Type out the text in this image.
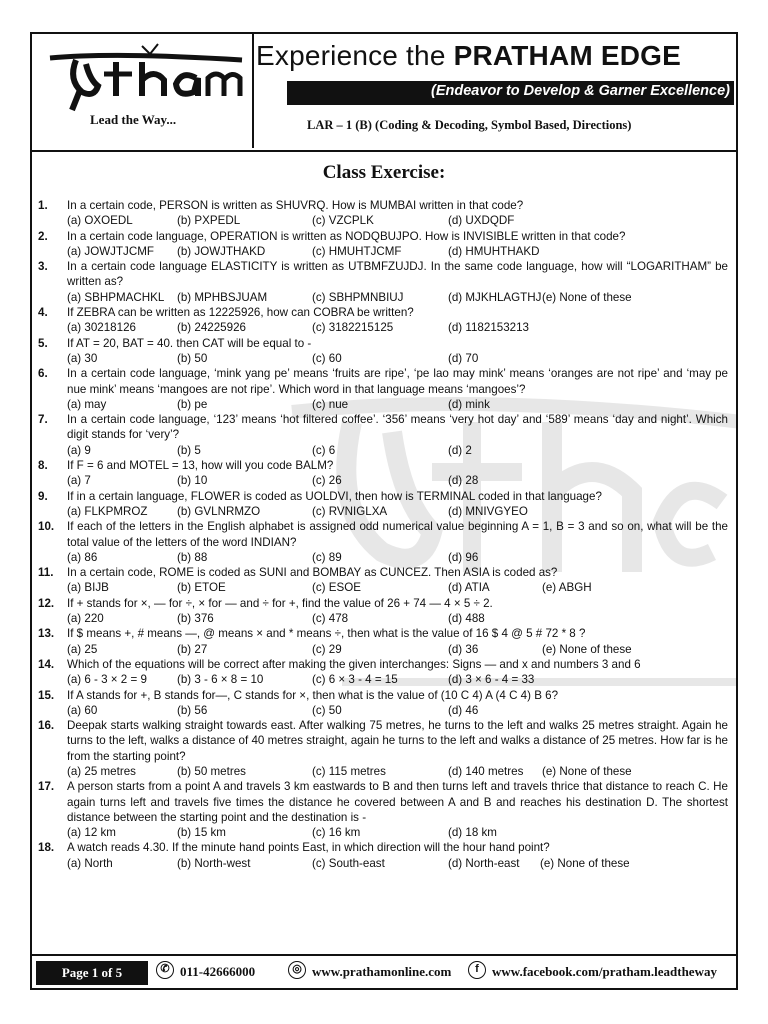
Lead the Way...
Experience the PRATHAM EDGE
(Endeavor to Develop & Garner Excellence)
LAR – 1 (B) (Coding & Decoding, Symbol Based, Directions)
Class Exercise:
1.	In a certain code, PERSON is written as SHUVRQ. How is MUMBAI written in that code?
(a) OXOEDL	(b) PXPEDL	(c) VZCPLK	(d) UXDQDF
2.	In a certain code language, OPERATION is written as NODQBUJPO. How is INVISIBLE written in that code?
(a) JOWJTJCMF	(b) JOWJTHAKD	(c) HMUHTJCMF	(d) HMUHTHAKD
3.	In a certain code language ELASTICITY is written as UTBMFZUJDJ. In the same code language, how will “LOGARITHAM” be written as?
(a) SBHPMACHKL	(b) MPHBSJUAM	(c) SBHPMNBIUJ	(d) MJKHLAGTHJ (e) None of these
4.	If ZEBRA can be written as 12225926, how can COBRA be written?
(a) 30218126	(b) 24225926	(c) 3182215125	(d) 1182153213
5.	If AT = 20, BAT = 40. then CAT will be equal to -
(a) 30	(b) 50	(c) 60	(d) 70
6.	In a certain code language, ‘mink yang pe’ means ‘fruits are ripe’, ‘pe lao may mink’ means ‘oranges are not ripe’ and ‘may pe nue mink’ means ‘mangoes are not ripe’. Which word in that language means ‘mangoes’?
(a) may	(b) pe	(c) nue	(d) mink
7.	In a certain code language, ‘123’ means ‘hot filtered coffee’. ‘356’ means ‘very hot day’ and ‘589’ means ‘day and night’. Which digit stands for ‘very’?
(a) 9	(b) 5	(c) 6	(d) 2
8.	If F = 6 and MOTEL = 13, how will you code BALM?
(a) 7	(b) 10	(c) 26	(d) 28
9.	If in a certain language, FLOWER is coded as UOLDVI, then how is TERMINAL coded in that language?
(a) FLKPMROZ	(b) GVLNRMZO	(c) RVNIGLXA	(d) MNIVGYEO
10.	If each of the letters in the English alphabet is assigned odd numerical value beginning A = 1, B = 3 and so on, what will be the total value of the letters of the word INDIAN?
(a) 86	(b) 88	(c) 89	(d) 96
11.	In a certain code, ROME is coded as SUNI and BOMBAY as CUNCEZ. Then ASIA is coded as?
(a) BIJB	(b) ETOE	(c) ESOE	(d) ATIA	(e) ABGH
12.	If + stands for ×, — for ÷, × for — and ÷ for +, find the value of 26 + 74 — 4 × 5 ÷ 2.
(a) 220	(b) 376	(c) 478	(d) 488
13.	If $ means +, # means —, @ means × and * means ÷, then what is the value of 16 $ 4 @ 5 # 72 * 8 ?
(a) 25	(b) 27	(c) 29	(d) 36	(e) None of these
14.	Which of the equations will be correct after making the given interchanges: Signs — and x and numbers 3 and 6
(a) 6 - 3 × 2 = 9	(b) 3 - 6 × 8 = 10	(c) 6 × 3 - 4 = 15	(d) 3 × 6 - 4 = 33
15.	If A stands for +, B stands for—, C stands for ×, then what is the value of (10 C 4) A (4 C 4) B 6?
(a) 60	(b) 56	(c) 50	(d) 46
16.	Deepak starts walking straight towards east. After walking 75 metres, he turns to the left and walks 25 metres straight. Again he turns to the left, walks a distance of 40 metres straight, again he turns to the left and walks a distance of 25 metres. How far is he from the starting point?
(a) 25 metres	(b) 50 metres	(c) 115 metres	(d) 140 metres	(e) None of these
17.	A person starts from a point A and travels 3 km eastwards to B and then turns left and travels thrice that distance to reach C. He again turns left and travels five times the distance he covered between A and B and reaches his destination D. The shortest distance between the starting point and the destination is -
(a) 12 km	(b) 15 km	(c) 16 km	(d) 18 km
18.	A watch reads 4.30. If the minute hand points East, in which direction will the hour hand point?
(a) North	(b) North-west	(c) South-east	(d) North-east	(e) None of these
Page 1 of 5	✆ 011-42666000	◎ www.prathamonline.com	f	www.facebook.com/pratham.leadtheway
